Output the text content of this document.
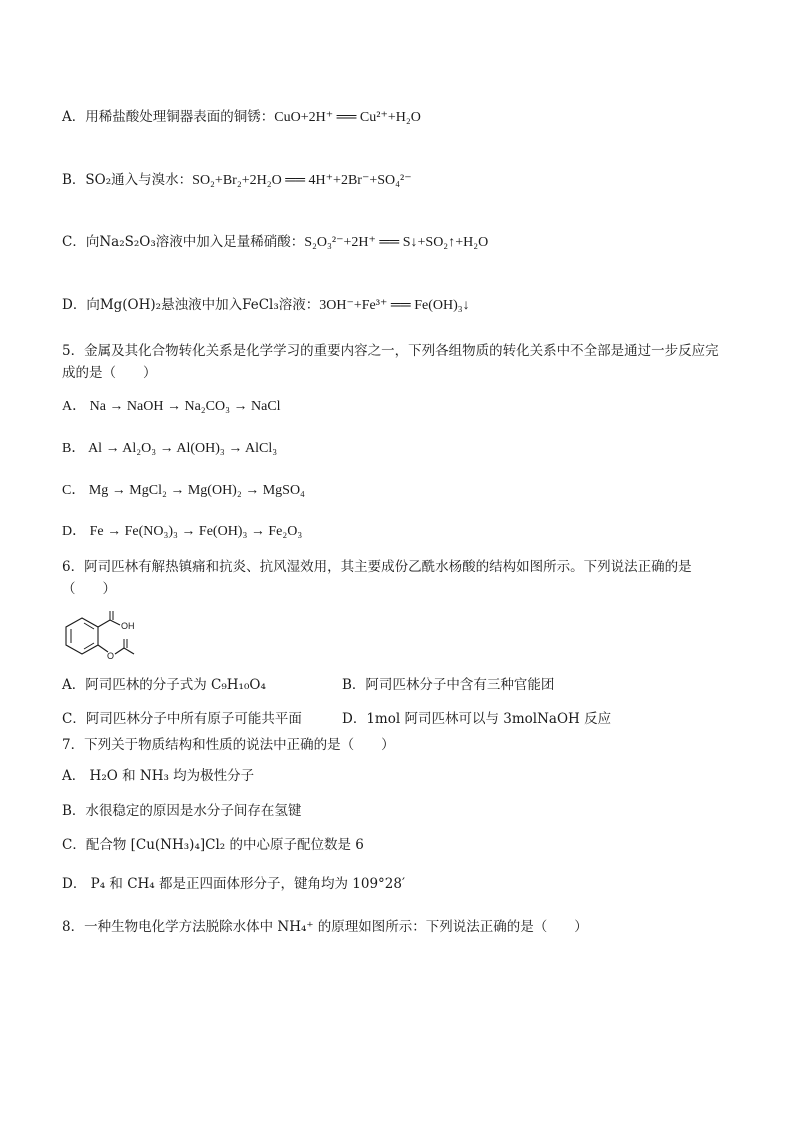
A．用稀盐酸处理铜器表面的铜锈：CuO+2H⁺ ══ Cu²⁺+H₂O
B．SO₂通入与溴水：SO₂+Br₂+2H₂O ══ 4H⁺+2Br⁻+SO₄²⁻
C．向Na₂S₂O₃溶液中加入足量稀硝酸：S₂O₃²⁻+2H⁺ ══ S↓+SO₂↑+H₂O
D．向Mg(OH)₂悬浊液中加入FeCl₃溶液：3OH⁻+Fe³⁺ ══ Fe(OH)₃↓
5．金属及其化合物转化关系是化学学习的重要内容之一，下列各组物质的转化关系中不全部是通过一步反应完成的是（　　）
A． Na → NaOH → Na₂CO₃ → NaCl
B． Al → Al₂O₃ → Al(OH)₃ → AlCl₃
C． Mg → MgCl₂ → Mg(OH)₂ → MgSO₄
D． Fe → Fe(NO₃)₃ → Fe(OH)₃ → Fe₂O₃
6．阿司匹林有解热镇痛和抗炎、抗风湿效用，其主要成份乙酰水杨酸的结构如图所示。下列说法正确的是（　　）
OH
O
A．阿司匹林的分子式为 C₉H₁₀O₄	B．阿司匹林分子中含有三种官能团
C．阿司匹林分子中所有原子可能共平面	D．1mol 阿司匹林可以与 3molNaOH 反应
7．下列关于物质结构和性质的说法中正确的是（　　）
A． H₂O 和 NH₃ 均为极性分子
B．水很稳定的原因是水分子间存在氢键
C．配合物 [Cu(NH₃)₄]Cl₂ 的中心原子配位数是 6
D． P₄ 和 CH₄ 都是正四面体形分子，键角均为 109°28′
8．一种生物电化学方法脱除水体中 NH₄⁺ 的原理如图所示：下列说法正确的是（　　）
